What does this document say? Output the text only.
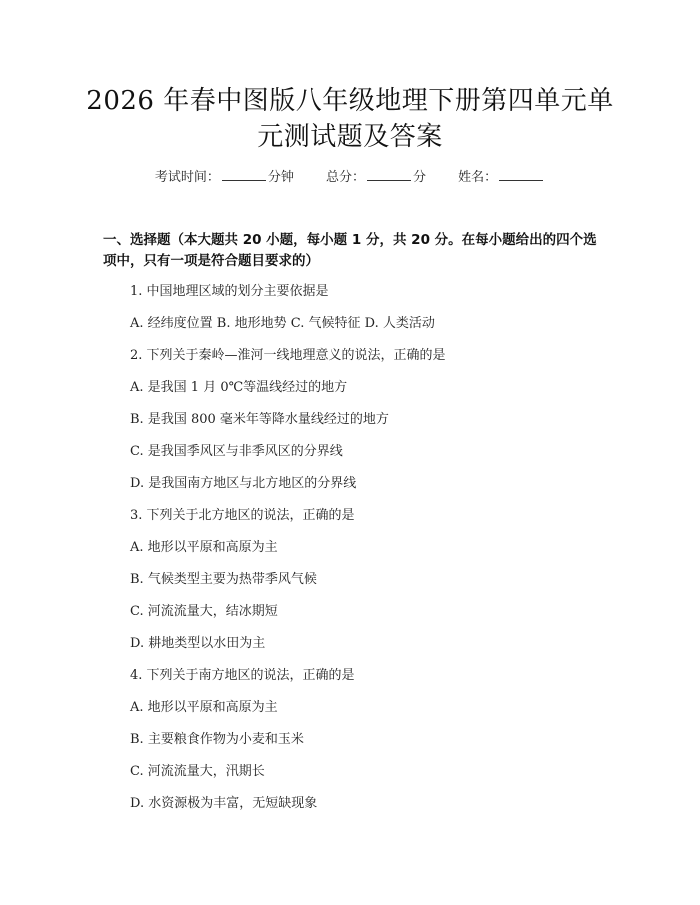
2026 年春中图版八年级地理下册第四单元单
元测试题及答案
考试时间：	分钟 总分：	分 姓名：
一、选择题（本大题共 20 小题，每小题 1 分，共 20 分。在每小题给出的四个选
项中，只有一项是符合题目要求的）
1. 中国地理区域的划分主要依据是
A. 经纬度位置 B. 地形地势 C. 气候特征 D. 人类活动
2. 下列关于秦岭—淮河一线地理意义的说法，正确的是
A. 是我国 1 月 0℃等温线经过的地方
B. 是我国 800 毫米年等降水量线经过的地方
C. 是我国季风区与非季风区的分界线
D. 是我国南方地区与北方地区的分界线
3. 下列关于北方地区的说法，正确的是
A. 地形以平原和高原为主
B. 气候类型主要为热带季风气候
C. 河流流量大，结冰期短
D. 耕地类型以水田为主
4. 下列关于南方地区的说法，正确的是
A. 地形以平原和高原为主
B. 主要粮食作物为小麦和玉米
C. 河流流量大，汛期长
D. 水资源极为丰富，无短缺现象
